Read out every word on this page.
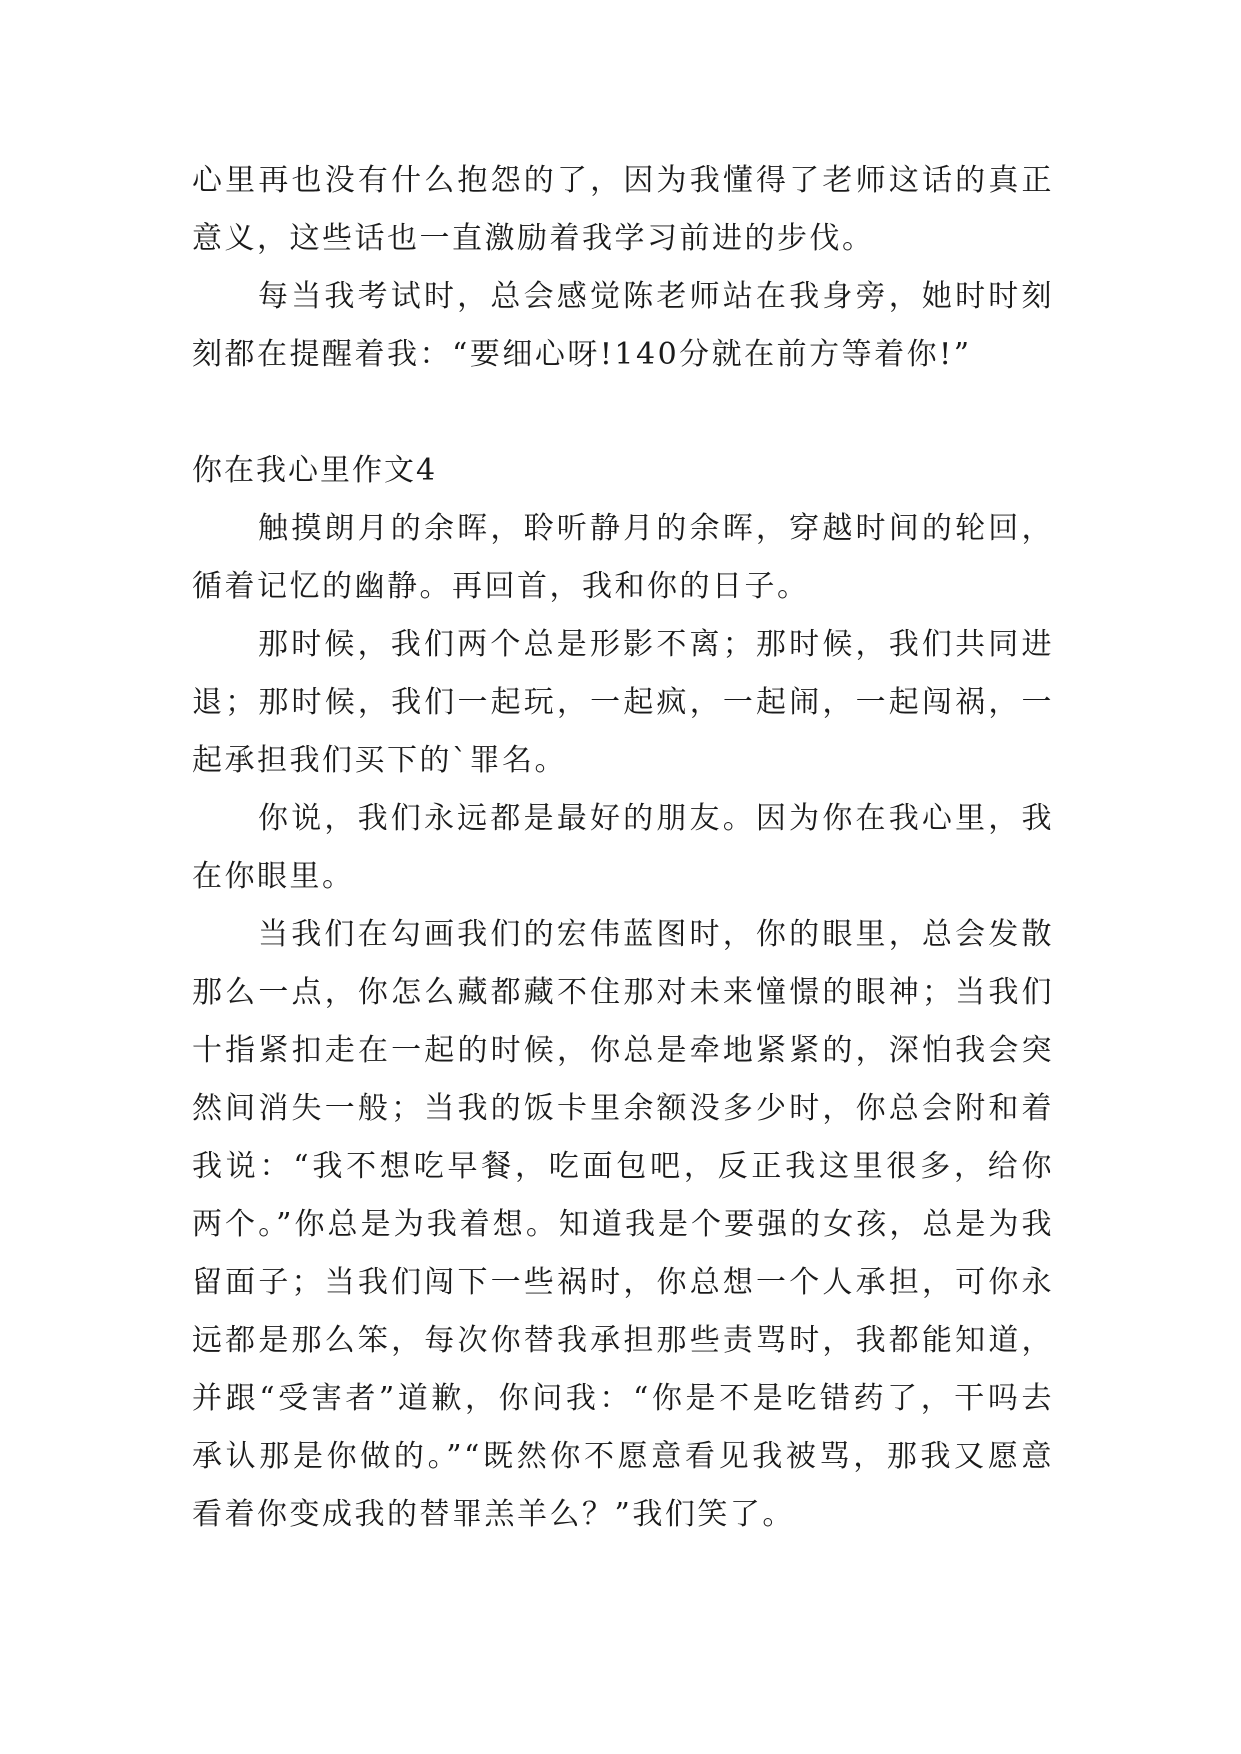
心里再也没有什么抱怨的了，因为我懂得了老师这话的真正意义，这些话也一直激励着我学习前进的步伐。

每当我考试时，总会感觉陈老师站在我身旁，她时时刻刻都在提醒着我：“要细心呀!140分就在前方等着你!”

你在我心里作文4

触摸朗月的余晖，聆听静月的余晖，穿越时间的轮回，循着记忆的幽静。再回首，我和你的日子。

那时候，我们两个总是形影不离；那时候，我们共同进退；那时候，我们一起玩，一起疯，一起闹，一起闯祸，一起承担我们买下的`罪名。

你说，我们永远都是最好的朋友。因为你在我心里，我在你眼里。

当我们在勾画我们的宏伟蓝图时，你的眼里，总会发散那么一点，你怎么藏都藏不住那对未来憧憬的眼神；当我们十指紧扣走在一起的时候，你总是牵地紧紧的，深怕我会突然间消失一般；当我的饭卡里余额没多少时，你总会附和着我说：“我不想吃早餐，吃面包吧，反正我这里很多，给你两个。”你总是为我着想。知道我是个要强的女孩，总是为我留面子；当我们闯下一些祸时，你总想一个人承担，可你永远都是那么笨，每次你替我承担那些责骂时，我都能知道，并跟“受害者”道歉，你问我：“你是不是吃错药了，干吗去承认那是你做的。”“既然你不愿意看见我被骂，那我又愿意看着你变成我的替罪羔羊么？”我们笑了。
